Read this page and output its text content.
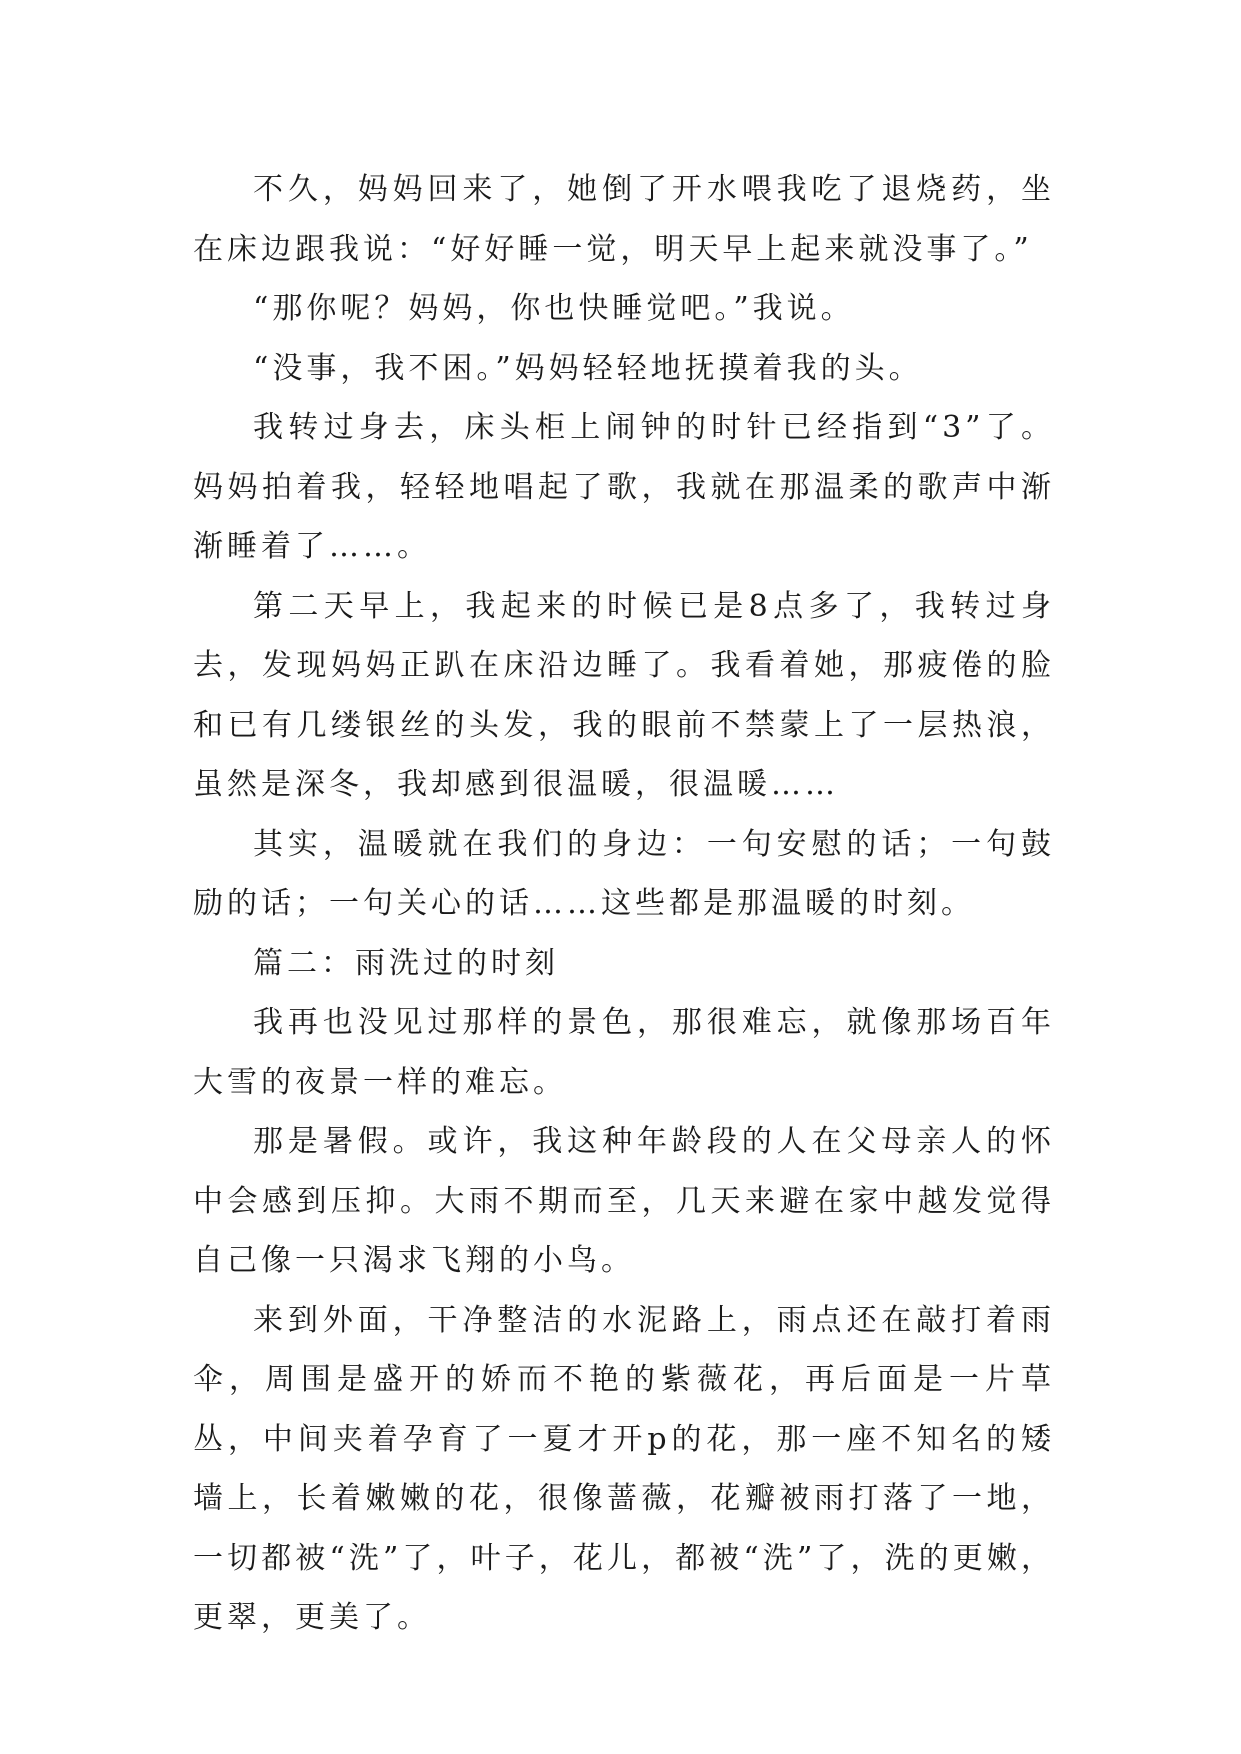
不久，妈妈回来了，她倒了开水喂我吃了退烧药，坐在床边跟我说：“好好睡一觉，明天早上起来就没事了。”

“那你呢？妈妈，你也快睡觉吧。”我说。

“没事，我不困。”妈妈轻轻地抚摸着我的头。

我转过身去，床头柜上闹钟的时针已经指到“3”了。妈妈拍着我，轻轻地唱起了歌，我就在那温柔的歌声中渐渐睡着了……。

第二天早上，我起来的时候已是8点多了，我转过身去，发现妈妈正趴在床沿边睡了。我看着她，那疲倦的脸和已有几缕银丝的头发，我的眼前不禁蒙上了一层热浪，虽然是深冬，我却感到很温暖，很温暖……

其实，温暖就在我们的身边：一句安慰的话；一句鼓励的话；一句关心的话……这些都是那温暖的时刻。

篇二：雨洗过的时刻

我再也没见过那样的景色，那很难忘，就像那场百年大雪的夜景一样的难忘。

那是暑假。或许，我这种年龄段的人在父母亲人的怀中会感到压抑。大雨不期而至，几天来避在家中越发觉得自己像一只渴求飞翔的小鸟。

来到外面，干净整洁的水泥路上，雨点还在敲打着雨伞，周围是盛开的娇而不艳的紫薇花，再后面是一片草丛，中间夹着孕育了一夏才开p的花，那一座不知名的矮墙上，长着嫩嫩的花，很像蔷薇，花瓣被雨打落了一地，一切都被“洗”了，叶子，花儿，都被“洗”了，洗的更嫩，更翠，更美了。
